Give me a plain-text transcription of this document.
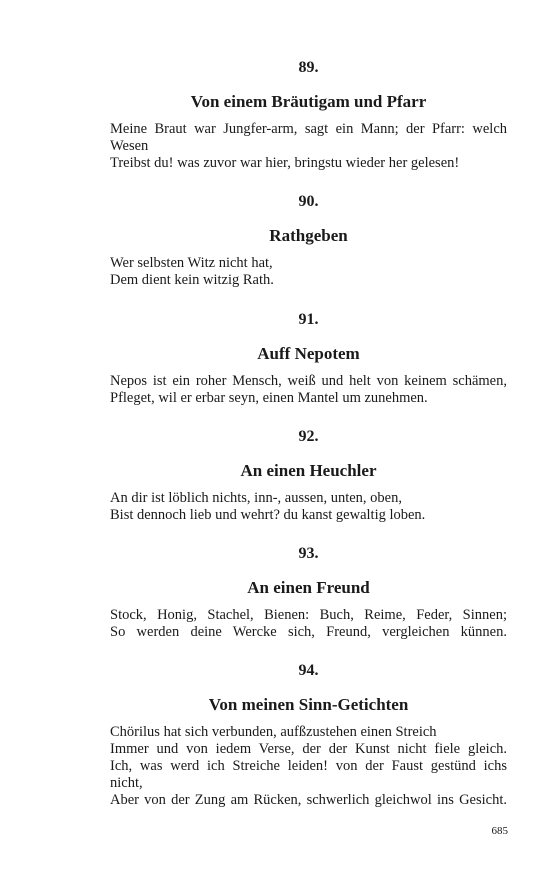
89.

Von einem Bräutigam und Pfarr

Meine Braut war Jungfer-arm, sagt ein Mann; der Pfarr: welch

Wesen

Treibst du! was zuvor war hier, bringstu wieder her gelesen!

90.

Rathgeben

Wer selbsten Witz nicht hat,

Dem dient kein witzig Rath.

91.

Auff Nepotem

Nepos ist ein roher Mensch, weiß und helt von keinem schämen,

Pfleget, wil er erbar seyn, einen Mantel um zunehmen.

92.

An einen Heuchler

An dir ist löblich nichts, inn-, aussen, unten, oben,

Bist dennoch lieb und wehrt? du kanst gewaltig loben.

93.

An einen Freund

Stock, Honig, Stachel, Bienen: Buch, Reime, Feder, Sinnen;

So werden deine Wercke sich, Freund, vergleichen künnen.

94.

Von meinen Sinn-Getichten

Chörilus hat sich verbunden, aufßzustehen einen Streich

Immer und von iedem Verse, der der Kunst nicht fiele gleich.

Ich, was werd ich Streiche leiden! von der Faust gestünd ichs

nicht,

Aber von der Zung am Rücken, schwerlich gleichwol ins Gesicht.

685
